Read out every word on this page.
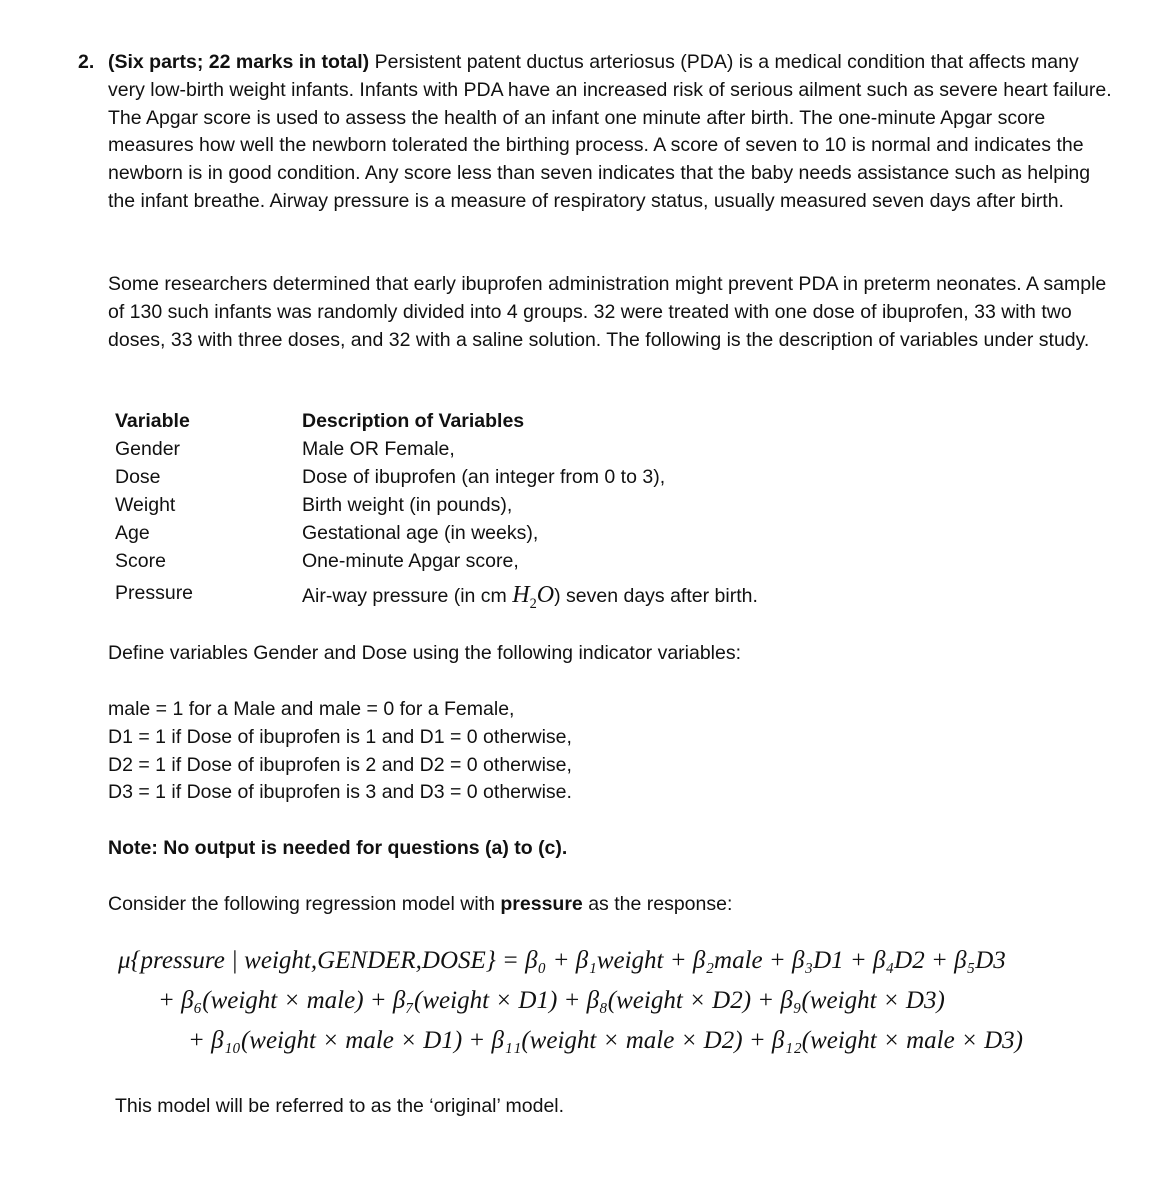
2. (Six parts; 22 marks in total) Persistent patent ductus arteriosus (PDA) is a medical condition that affects many very low-birth weight infants. Infants with PDA have an increased risk of serious ailment such as severe heart failure. The Apgar score is used to assess the health of an infant one minute after birth. The one-minute Apgar score measures how well the newborn tolerated the birthing process. A score of seven to 10 is normal and indicates the newborn is in good condition. Any score less than seven indicates that the baby needs assistance such as helping the infant breathe. Airway pressure is a measure of respiratory status, usually measured seven days after birth.

Some researchers determined that early ibuprofen administration might prevent PDA in preterm neonates. A sample of 130 such infants was randomly divided into 4 groups. 32 were treated with one dose of ibuprofen, 33 with two doses, 33 with three doses, and 32 with a saline solution. The following is the description of variables under study.

Variable	Description of Variables
Gender	Male OR Female,
Dose	Dose of ibuprofen (an integer from 0 to 3),
Weight	Birth weight (in pounds),
Age	Gestational age (in weeks),
Score	One-minute Apgar score,
Pressure	Air-way pressure (in cm $H_2O$) seven days after birth.

Define variables Gender and Dose using the following indicator variables:

male = 1 for a Male and male = 0 for a Female,
D1 = 1 if Dose of ibuprofen is 1 and D1 = 0 otherwise,
D2 = 1 if Dose of ibuprofen is 2 and D2 = 0 otherwise,
D3 = 1 if Dose of ibuprofen is 3 and D3 = 0 otherwise.

Note: No output is needed for questions (a) to (c).

Consider the following regression model with pressure as the response:

μ{pressure | weight,GENDER,DOSE} = β₀ + β₁weight + β₂male + β₃D1 + β₄D2 + β₅D3
+ β₆(weight × male) + β₇(weight × D1) + β₈(weight × D2) + β₉(weight × D3)
+ β₁₀(weight × male × D1) + β₁₁(weight × male × D2) + β₁₂(weight × male × D3)

This model will be referred to as the ‘original’ model.
